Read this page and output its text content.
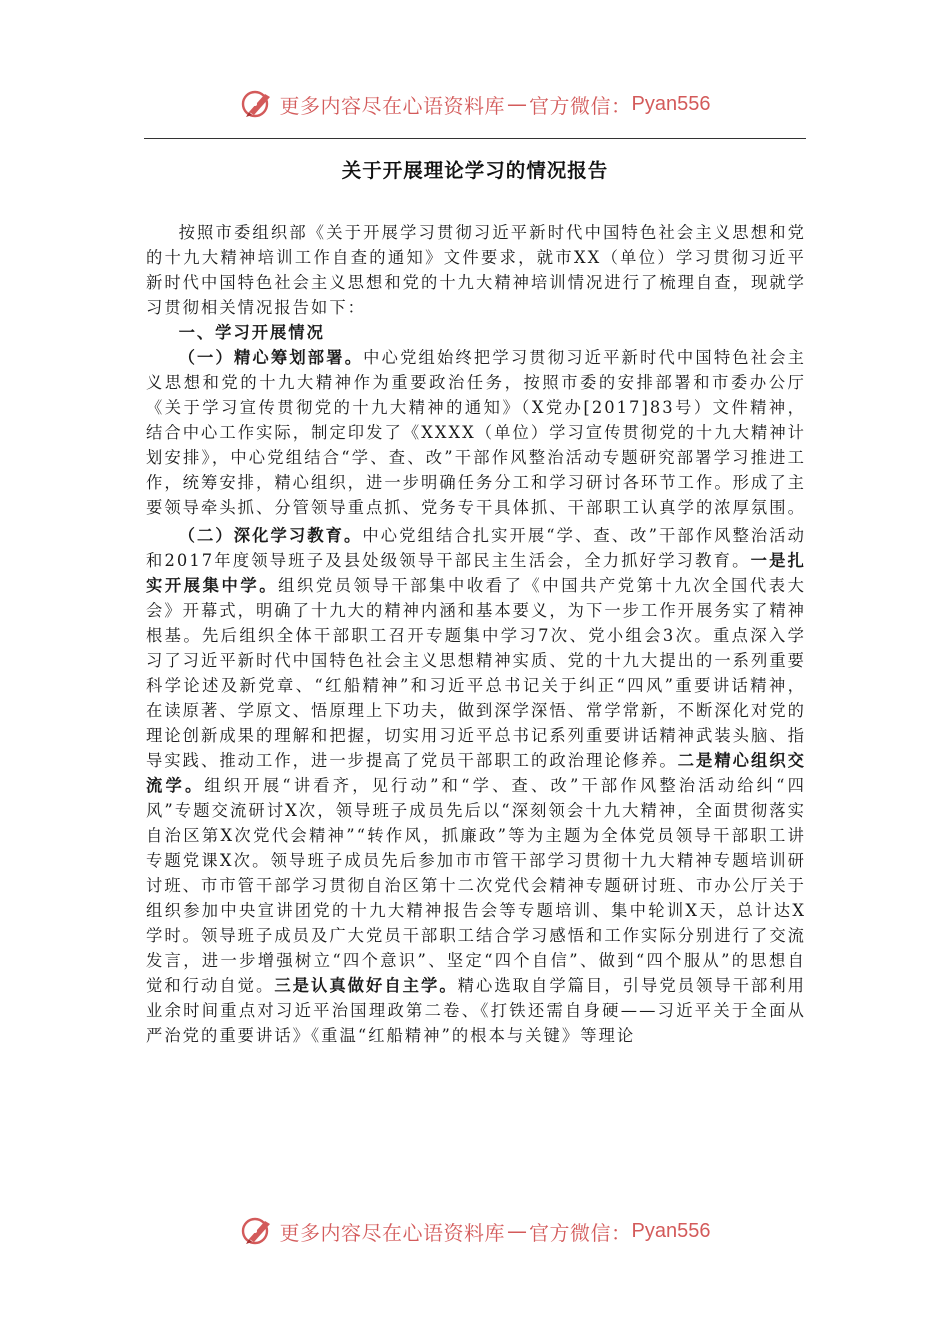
更多内容尽在心语资料库 — 官方微信： Pyan556
关于开展理论学习的情况报告

按照市委组织部《关于开展学习贯彻习近平新时代中国特色社会主义思想和党的十九大精神培训工作自查的通知》文件要求，就市XX（单位）学习贯彻习近平新时代中国特色社会主义思想和党的十九大精神培训情况进行了梳理自查，现就学习贯彻相关情况报告如下：

一、学习开展情况

（一）精心筹划部署。中心党组始终把学习贯彻习近平新时代中国特色社会主义思想和党的十九大精神作为重要政治任务，按照市委的安排部署和市委办公厅《关于学习宣传贯彻党的十九大精神的通知》（X党办[2017]83号）文件精神，结合中心工作实际，制定印发了《XXXX（单位）学习宣传贯彻党的十九大精神计划安排》，中心党组结合“学、查、改”干部作风整治活动专题研究部署学习推进工作，统筹安排，精心组织，进一步明确任务分工和学习研讨各环节工作。形成了主要领导牵头抓、分管领导重点抓、党务专干具体抓、干部职工认真学的浓厚氛围。

（二）深化学习教育。中心党组结合扎实开展“学、查、改”干部作风整治活动和2017年度领导班子及县处级领导干部民主生活会，全力抓好学习教育。一是扎实开展集中学。组织党员领导干部集中收看了《中国共产党第十九次全国代表大会》开幕式，明确了十九大的精神内涵和基本要义，为下一步工作开展务实了精神根基。先后组织全体干部职工召开专题集中学习7次、党小组会3次。重点深入学习了习近平新时代中国特色社会主义思想精神实质、党的十九大提出的一系列重要科学论述及新党章、“红船精神”和习近平总书记关于纠正“四风”重要讲话精神，在读原著、学原文、悟原理上下功夫，做到深学深悟、常学常新，不断深化对党的理论创新成果的理解和把握，切实用习近平总书记系列重要讲话精神武装头脑、指导实践、推动工作，进一步提高了党员干部职工的政治理论修养。二是精心组织交流学。组织开展“讲看齐，见行动”和“学、查、改”干部作风整治活动给纠“四风”专题交流研讨X次，领导班子成员先后以“深刻领会十九大精神，全面贯彻落实自治区第X次党代会精神”“转作风，抓廉政”等为主题为全体党员领导干部职工讲专题党课X次。领导班子成员先后参加市市管干部学习贯彻十九大精神专题培训研讨班、市市管干部学习贯彻自治区第十二次党代会精神专题研讨班、市办公厅关于组织参加中央宣讲团党的十九大精神报告会等专题培训、集中轮训X天，总计达X学时。领导班子成员及广大党员干部职工结合学习感悟和工作实际分别进行了交流发言，进一步增强树立“四个意识”、坚定“四个自信”、做到“四个服从”的思想自觉和行动自觉。三是认真做好自主学。精心选取自学篇目，引导党员领导干部利用业余时间重点对习近平治国理政第二卷、《打铁还需自身硬——习近平关于全面从严治党的重要讲话》《重温“红船精神”的根本与关键》等理论

更多内容尽在心语资料库 — 官方微信： Pyan556
